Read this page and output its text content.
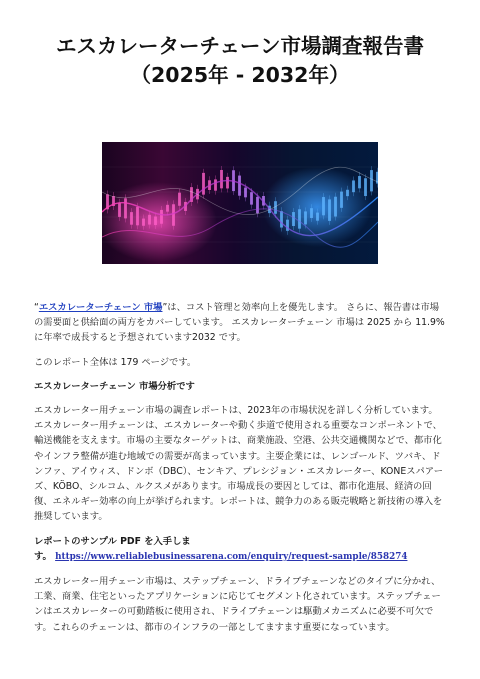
エスカレーターチェーン市場調査報告書（2025年 - 2032年）

“エスカレーターチェーン 市場”は、コスト管理と効率向上を優先します。 さらに、報告書は市場の需要面と供給面の両方をカバーしています。 エスカレーターチェーン 市場は 2025 から 11.9% に年率で成長すると予想されています2032 です。

このレポート全体は 179 ページです。

エスカレーターチェーン 市場分析です

エスカレーター用チェーン市場の調査レポートは、2023年の市場状況を詳しく分析しています。エスカレーター用チェーンは、エスカレーターや動く歩道で使用される重要なコンポーネントで、輸送機能を支えます。市場の主要なターゲットは、商業施設、空港、公共交通機関などで、都市化やインフラ整備が進む地域での需要が高まっています。主要企業には、レンゴールド、ツバキ、ドンファ、アイウィス、ドンボ（DBC）、センキア、プレシジョン・エスカレーター、KONEスパアーズ、KÖBO、シルコム、ルクスメがあります。市場成長の要因としては、都市化進展、経済の回復、エネルギー効率の向上が挙げられます。レポートは、競争力のある販売戦略と新技術の導入を推奨しています。

レポートのサンプル PDF を入手します。 https://www.reliablebusinessarena.com/enquiry/request-sample/858274

エスカレーター用チェーン市場は、ステップチェーン、ドライブチェーンなどのタイプに分かれ、工業、商業、住宅といったアプリケーションに応じてセグメント化されています。ステップチェーンはエスカレーターの可動踏板に使用され、ドライブチェーンは駆動メカニズムに必要不可欠です。これらのチェーンは、都市のインフラの一部としてますます重要になっています。
